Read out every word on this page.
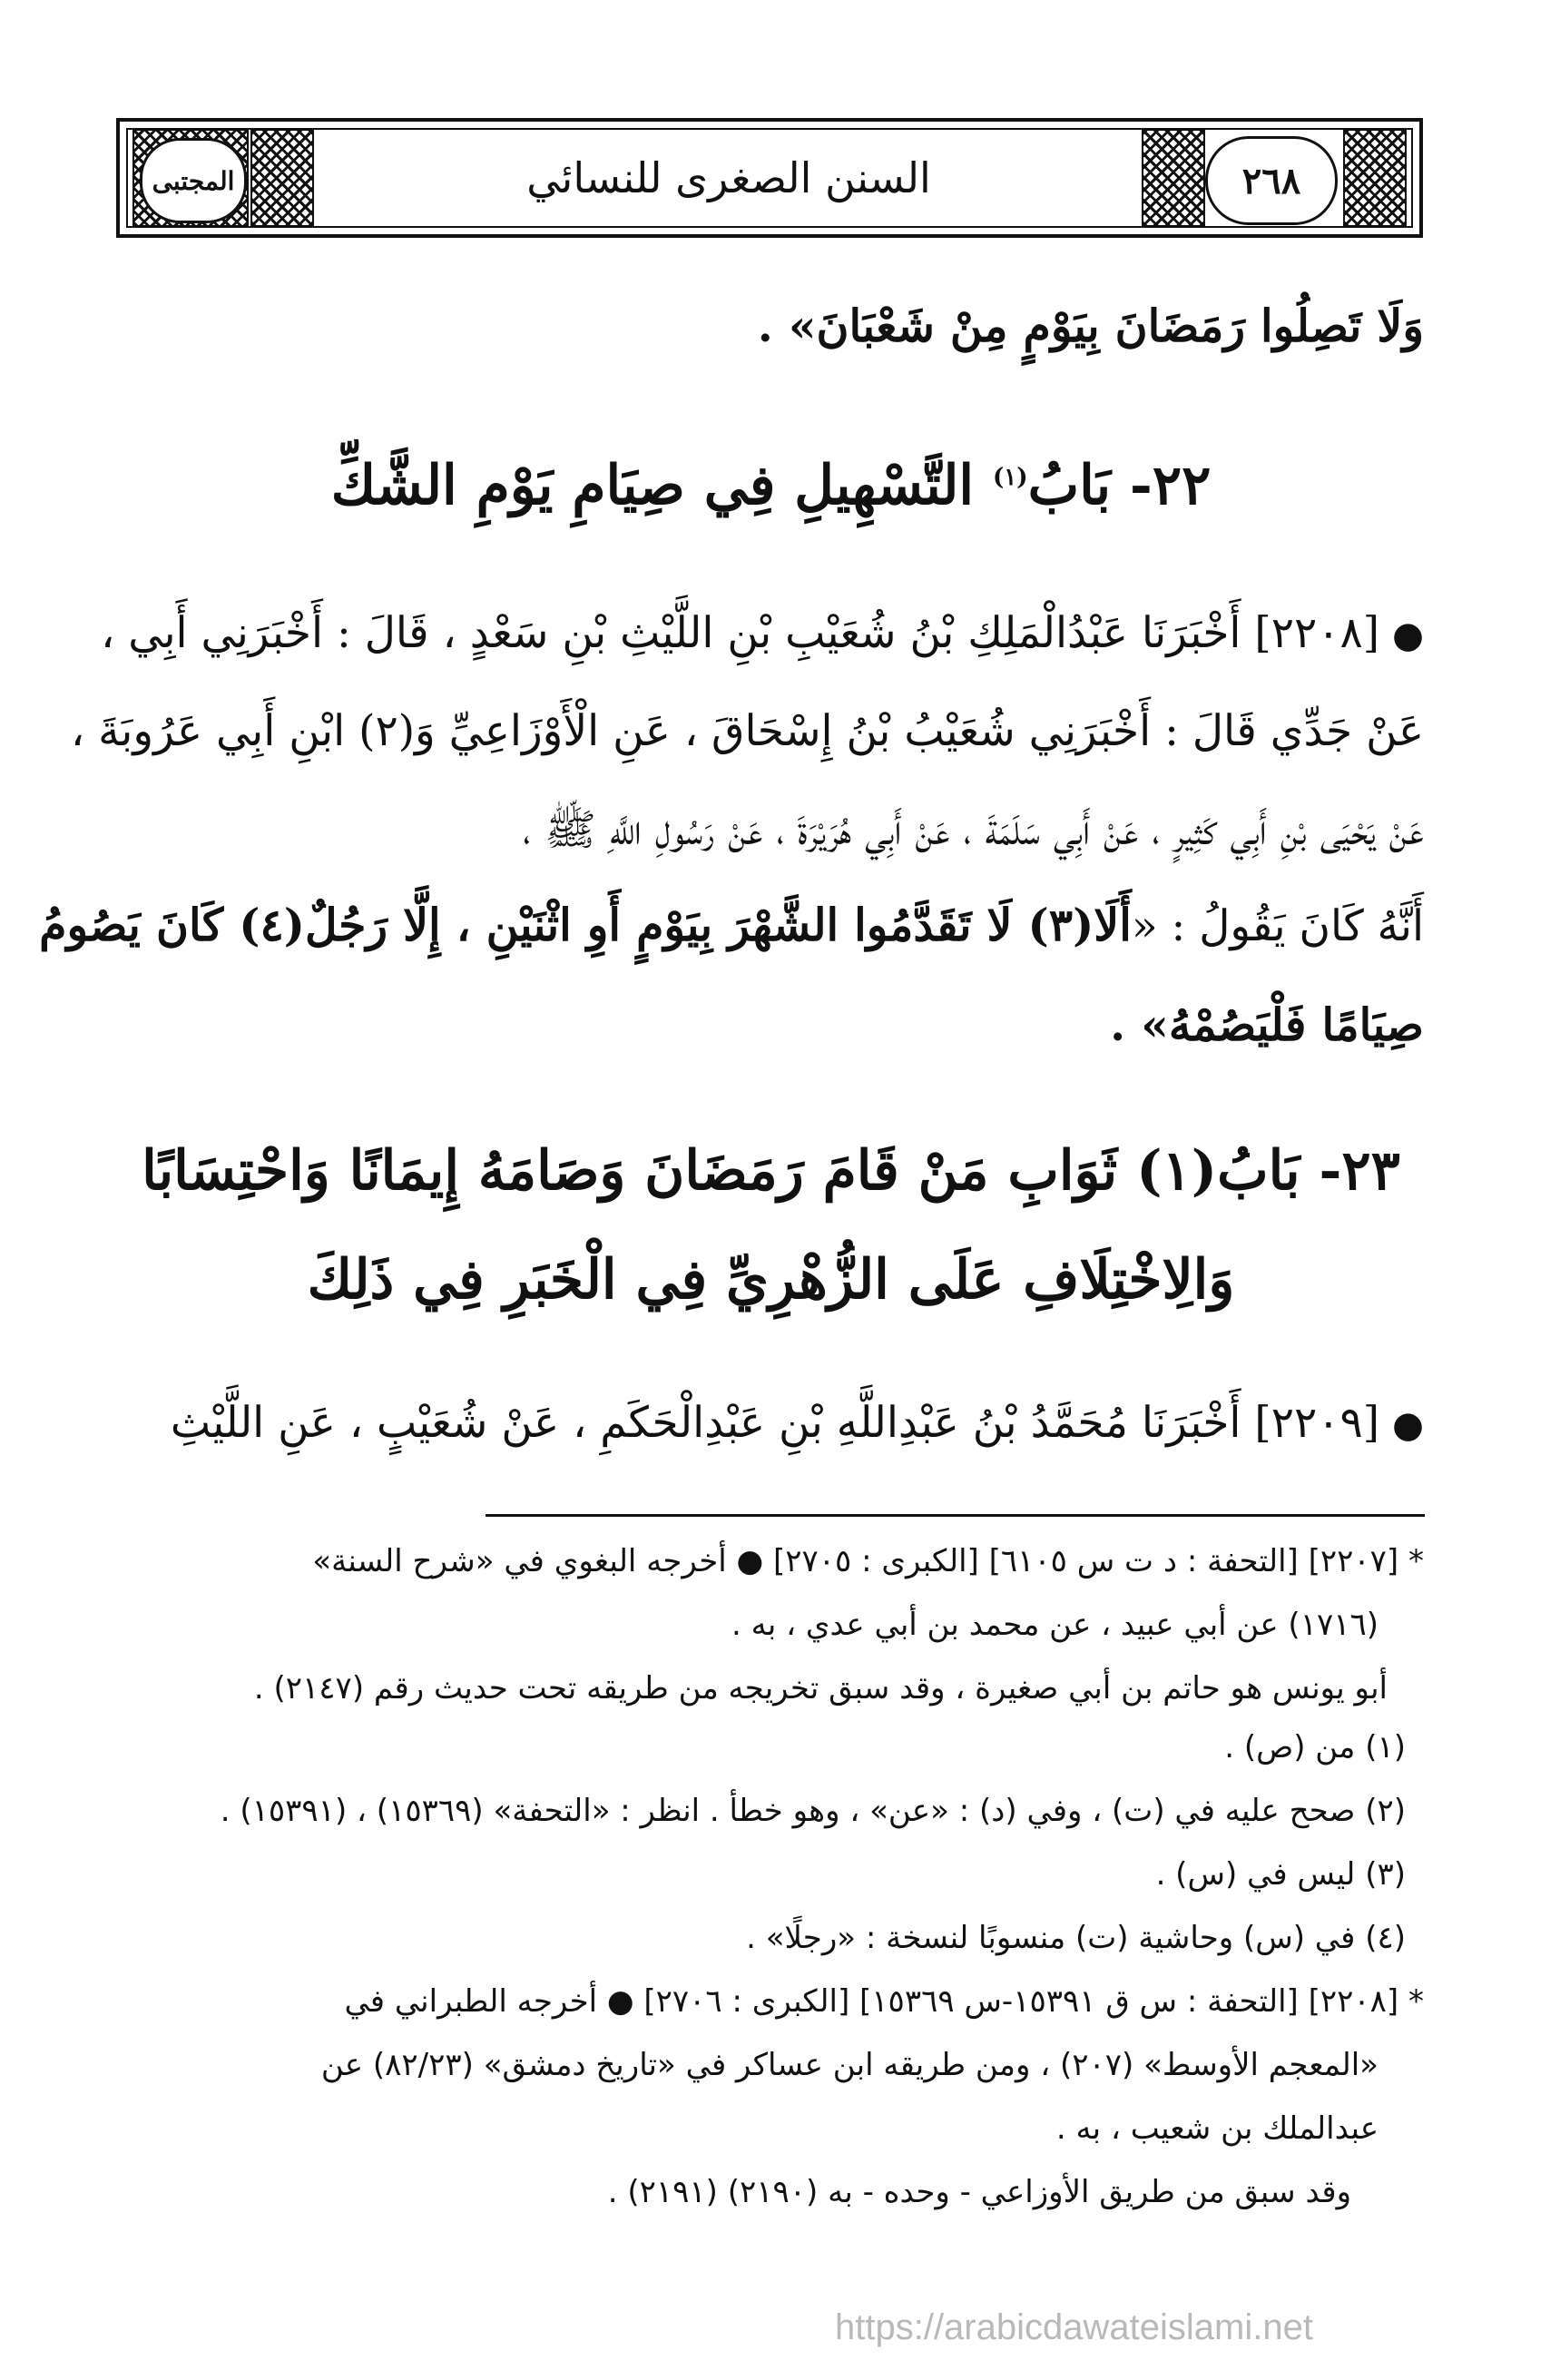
المجتبى	السنن الصغرى للنسائي	٢٦٨
وَلَا تَصِلُوا رَمَضَانَ بِيَوْمٍ مِنْ شَعْبَانَ» .
٢٢- بَابُ$^{(١)}$ التَّسْهِيلِ فِي صِيَامِ يَوْمِ الشَّكِّ
●[٢٢٠٨] أَخْبَرَنَا عَبْدُالْمَلِكِ بْنُ شُعَيْبِ بْنِ اللَّيْثِ بْنِ سَعْدٍ ، قَالَ : أَخْبَرَنِي أَبِي ،
عَنْ جَدِّي قَالَ : أَخْبَرَنِي شُعَيْبُ بْنُ إِسْحَاقَ ، عَنِ الْأَوْزَاعِيِّ وَ(٢) ابْنِ أَبِي عَرُوبَةَ ،
عَنْ يَحْيَى بْنِ أَبِي كَثِيرٍ ، عَنْ أَبِي سَلَمَةَ ، عَنْ أَبِي هُرَيْرَةَ ، عَنْ رَسُولِ اللَّهِ ﷺ ،
أَنَّهُ كَانَ يَقُولُ : «أَلَا(٣) لَا تَقَدَّمُوا الشَّهْرَ بِيَوْمٍ أَوِ اثْنَيْنِ ، إِلَّا رَجُلٌ(٤) كَانَ يَصُومُ
صِيَامًا فَلْيَصُمْهُ» .
٢٣- بَابُ(١) ثَوَابِ مَنْ قَامَ رَمَضَانَ وَصَامَهُ إِيمَانًا وَاحْتِسَابًا
وَالِاخْتِلَافِ عَلَى الزُّهْرِيِّ فِي الْخَبَرِ فِي ذَلِكَ
●[٢٢٠٩] أَخْبَرَنَا مُحَمَّدُ بْنُ عَبْدِاللَّهِ بْنِ عَبْدِالْحَكَمِ ، عَنْ شُعَيْبٍ ، عَنِ اللَّيْثِ
* [٢٢٠٧] [التحفة : د ت س ٦١٠٥] [الكبرى : ٢٧٠٥] ● أخرجه البغوي في «شرح السنة»
(١٧١٦) عن أبي عبيد ، عن محمد بن أبي عدي ، به .
أبو يونس هو حاتم بن أبي صغيرة ، وقد سبق تخريجه من طريقه تحت حديث رقم (٢١٤٧) .
(١) من (ص) .
(٢) صحح عليه في (ت) ، وفي (د) : «عن» ، وهو خطأ . انظر : «التحفة» (١٥٣٦٩) ، (١٥٣٩١) .
(٣) ليس في (س) .
(٤) في (س) وحاشية (ت) منسوبًا لنسخة : «رجلًا» .
* [٢٢٠٨] [التحفة : س ق ١٥٣٩١-س ١٥٣٦٩] [الكبرى : ٢٧٠٦] ● أخرجه الطبراني في
«المعجم الأوسط» (٢٠٧) ، ومن طريقه ابن عساكر في «تاريخ دمشق» (٨٢/٢٣) عن
عبدالملك بن شعيب ، به .
وقد سبق من طريق الأوزاعي - وحده - به (٢١٩٠) (٢١٩١) .
https://arabicdawateislami.net
